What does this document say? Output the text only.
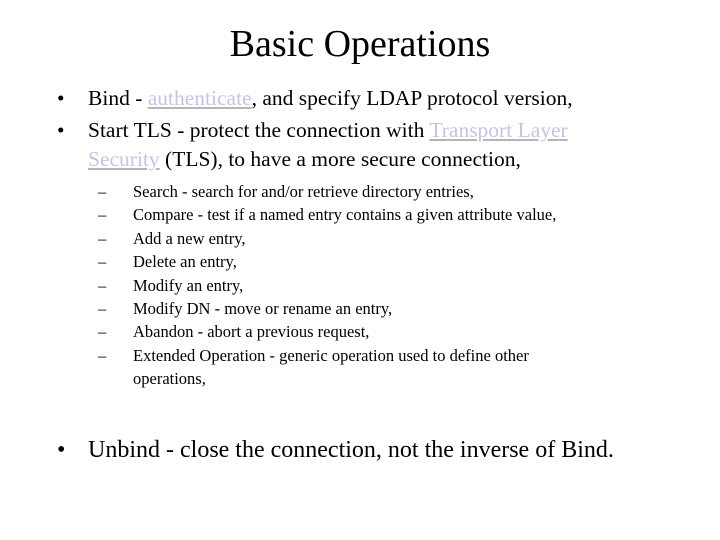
Basic Operations
• Bind - authenticate, and specify LDAP protocol version,
• Start TLS - protect the connection with Transport Layer
Security (TLS), to have a more secure connection,
– Search - search for and/or retrieve directory entries,
– Compare - test if a named entry contains a given attribute value,
– Add a new entry,
– Delete an entry,
– Modify an entry,
– Modify DN - move or rename an entry,
– Abandon - abort a previous request,
– Extended Operation - generic operation used to define other
operations,
• Unbind - close the connection, not the inverse of Bind.
